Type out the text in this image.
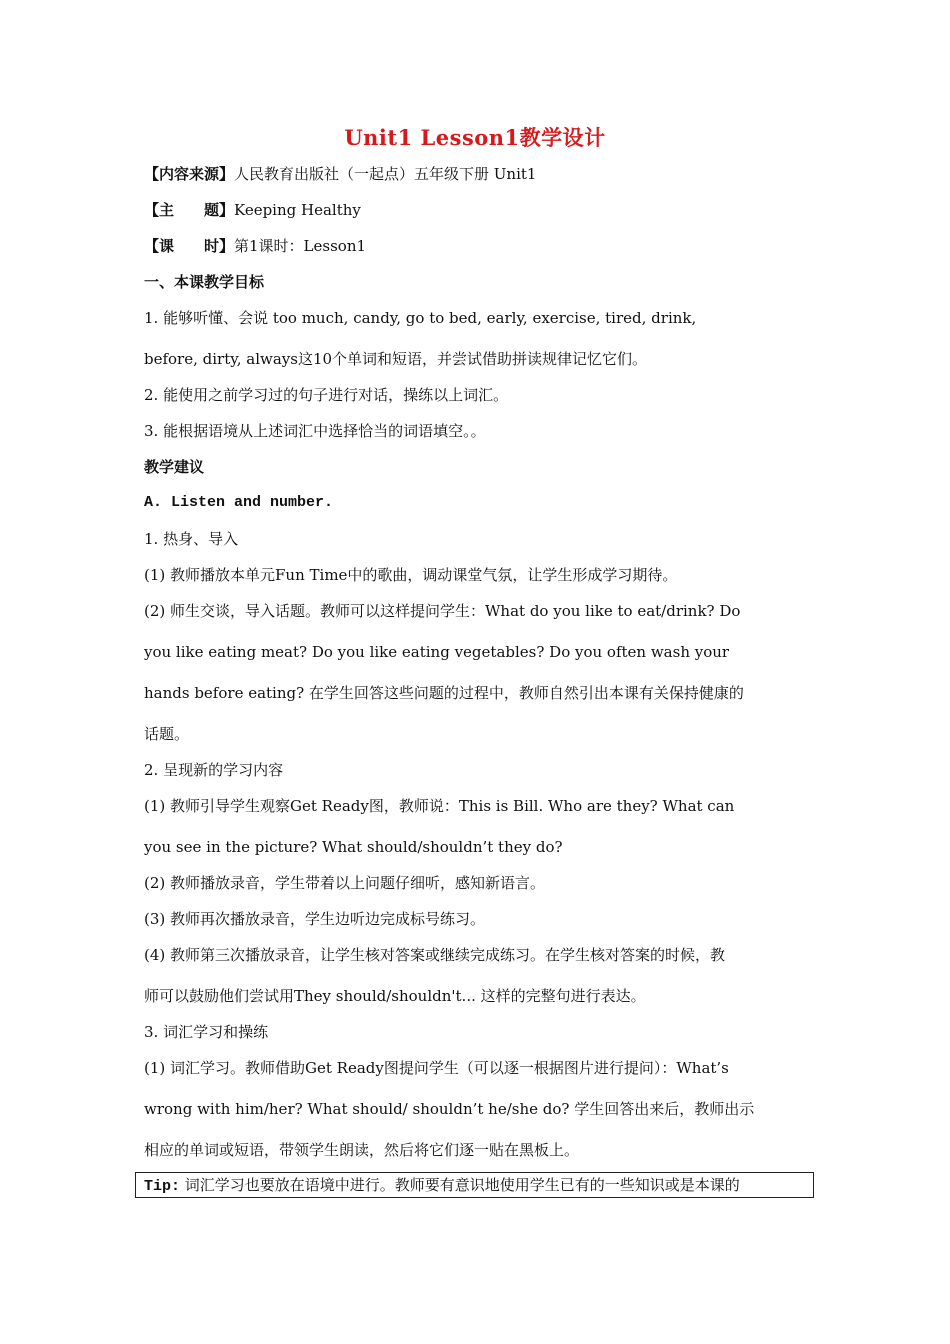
Unit1 Lesson1教学设计
【内容来源】人民教育出版社（一起点）五年级下册 Unit1
【主　　题】Keeping Healthy
【课　　时】第1课时：Lesson1
一、本课教学目标
1. 能够听懂、会说 too much, candy, go to bed, early, exercise, tired, drink,
before, dirty, always这10个单词和短语，并尝试借助拼读规律记忆它们。
2. 能使用之前学习过的句子进行对话，操练以上词汇。
3. 能根据语境从上述词汇中选择恰当的词语填空。。
教学建议
A. Listen and number.
1. 热身、导入
(1) 教师播放本单元Fun Time中的歌曲，调动课堂气氛，让学生形成学习期待。
(2) 师生交谈，导入话题。教师可以这样提问学生：What do you like to eat/drink? Do
you like eating meat? Do you like eating vegetables? Do you often wash your
hands before eating? 在学生回答这些问题的过程中，教师自然引出本课有关保持健康的
话题。
2. 呈现新的学习内容
(1) 教师引导学生观察Get Ready图，教师说：This is Bill. Who are they? What can
you see in the picture? What should/shouldn’t they do?
(2) 教师播放录音，学生带着以上问题仔细听，感知新语言。
(3) 教师再次播放录音，学生边听边完成标号练习。
(4) 教师第三次播放录音，让学生核对答案或继续完成练习。在学生核对答案的时候，教
师可以鼓励他们尝试用They should/shouldn't... 这样的完整句进行表达。
3. 词汇学习和操练
(1) 词汇学习。教师借助Get Ready图提问学生（可以逐一根据图片进行提问）：What’s
wrong with him/her? What should/ shouldn’t he/she do? 学生回答出来后，教师出示
相应的单词或短语，带领学生朗读，然后将它们逐一贴在黑板上。
Tip: 词汇学习也要放在语境中进行。教师要有意识地使用学生已有的一些知识或是本课的
